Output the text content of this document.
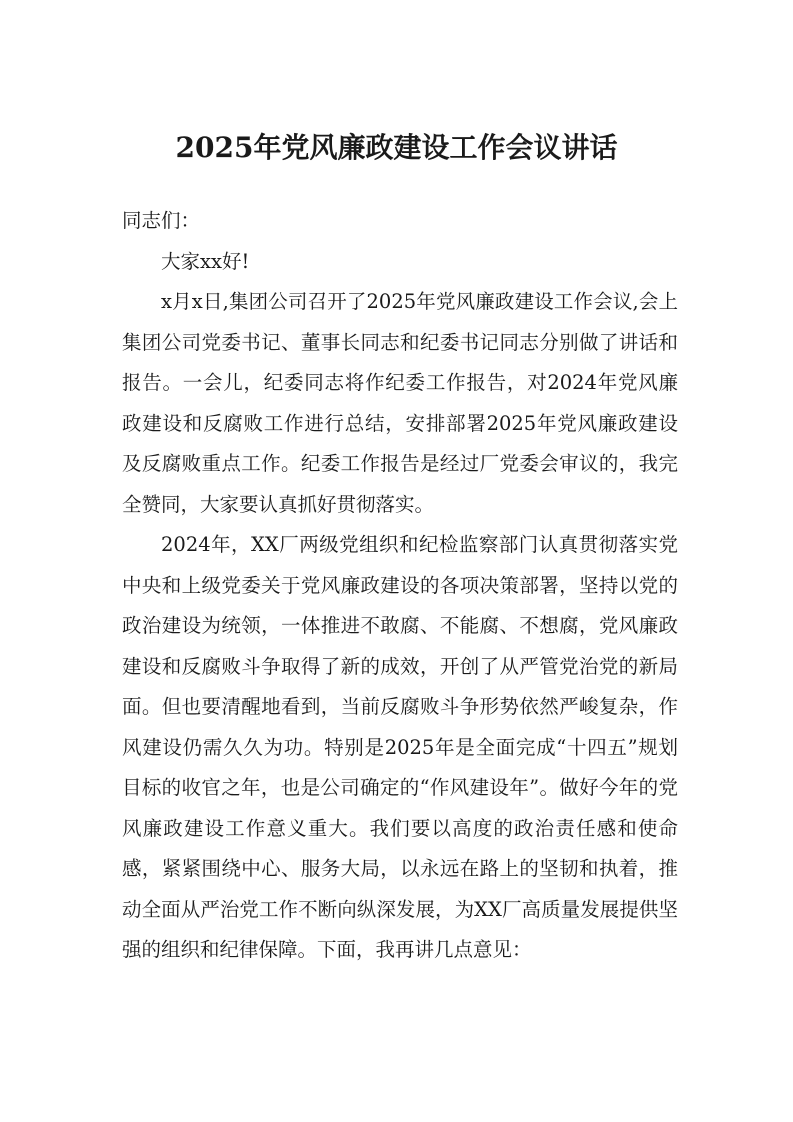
2025年党风廉政建设工作会议讲话

同志们：

大家xx好!

x月x日,集团公司召开了2025年党风廉政建设工作会议,会上集团公司党委书记、董事长同志和纪委书记同志分别做了讲话和报告。一会儿，纪委同志将作纪委工作报告，对2024年党风廉政建设和反腐败工作进行总结，安排部署2025年党风廉政建设及反腐败重点工作。纪委工作报告是经过厂党委会审议的，我完全赞同，大家要认真抓好贯彻落实。

2024年，XX厂两级党组织和纪检监察部门认真贯彻落实党中央和上级党委关于党风廉政建设的各项决策部署，坚持以党的政治建设为统领，一体推进不敢腐、不能腐、不想腐，党风廉政建设和反腐败斗争取得了新的成效，开创了从严管党治党的新局面。但也要清醒地看到，当前反腐败斗争形势依然严峻复杂，作风建设仍需久久为功。特别是2025年是全面完成“十四五”规划目标的收官之年，也是公司确定的“作风建设年”。做好今年的党风廉政建设工作意义重大。我们要以高度的政治责任感和使命感，紧紧围绕中心、服务大局，以永远在路上的坚韧和执着，推动全面从严治党工作不断向纵深发展，为XX厂高质量发展提供坚强的组织和纪律保障。下面，我再讲几点意见：
